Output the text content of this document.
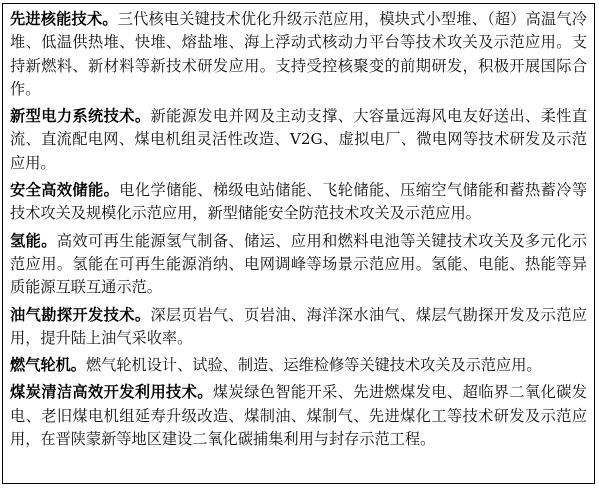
先进核能技术。三代核电关键技术优化升级示范应用，模块式小型堆、（超）高温气冷堆、低温供热堆、快堆、熔盐堆、海上浮动式核动力平台等技术攻关及示范应用。支持新燃料、新材料等新技术研发应用。支持受控核聚变的前期研发，积极开展国际合作。

新型电力系统技术。新能源发电并网及主动支撑、大容量远海风电友好送出、柔性直流、直流配电网、煤电机组灵活性改造、V2G、虚拟电厂、微电网等技术研发及示范应用。

安全高效储能。电化学储能、梯级电站储能、飞轮储能、压缩空气储能和蓄热蓄冷等技术攻关及规模化示范应用，新型储能安全防范技术攻关及示范应用。

氢能。高效可再生能源氢气制备、储运、应用和燃料电池等关键技术攻关及多元化示范应用。氢能在可再生能源消纳、电网调峰等场景示范应用。氢能、电能、热能等异质能源互联互通示范。

油气勘探开发技术。深层页岩气、页岩油、海洋深水油气、煤层气勘探开发及示范应用，提升陆上油气采收率。

燃气轮机。燃气轮机设计、试验、制造、运维检修等关键技术攻关及示范应用。

煤炭清洁高效开发利用技术。煤炭绿色智能开采、先进燃煤发电、超临界二氧化碳发电、老旧煤电机组延寿升级改造、煤制油、煤制气、先进煤化工等技术研发及示范应用，在晋陕蒙新等地区建设二氧化碳捕集利用与封存示范工程。
